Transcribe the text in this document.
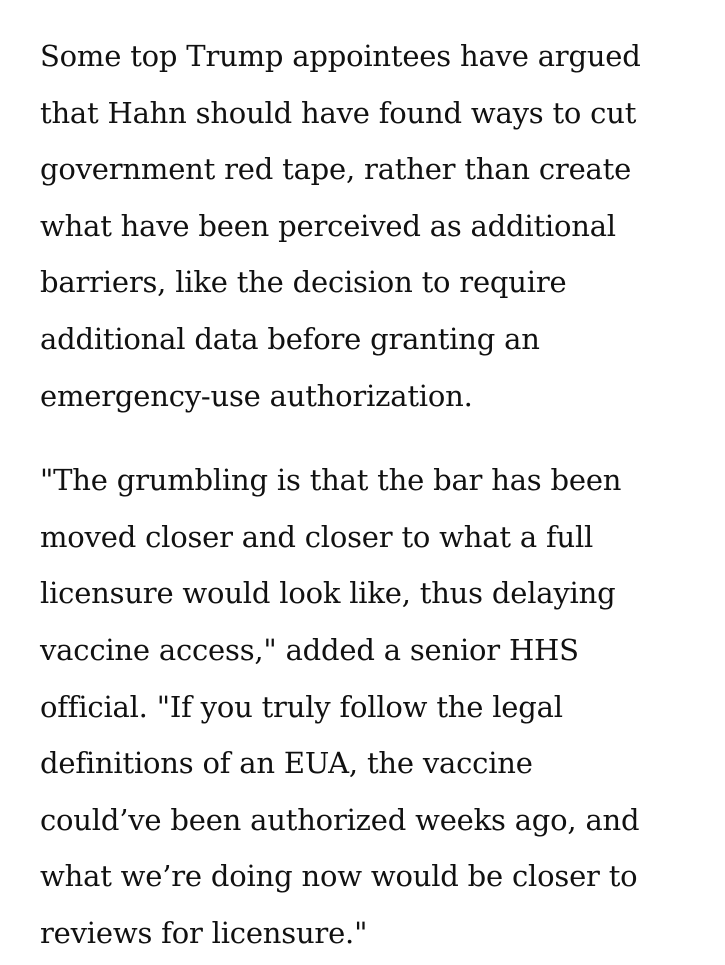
Some top Trump appointees have argued
that Hahn should have found ways to cut
government red tape, rather than create
what have been perceived as additional
barriers, like the decision to require
additional data before granting an
emergency-use authorization.

"The grumbling is that the bar has been
moved closer and closer to what a full
licensure would look like, thus delaying
vaccine access," added a senior HHS
official. "If you truly follow the legal
definitions of an EUA, the vaccine
could’ve been authorized weeks ago, and
what we’re doing now would be closer to
reviews for licensure."
